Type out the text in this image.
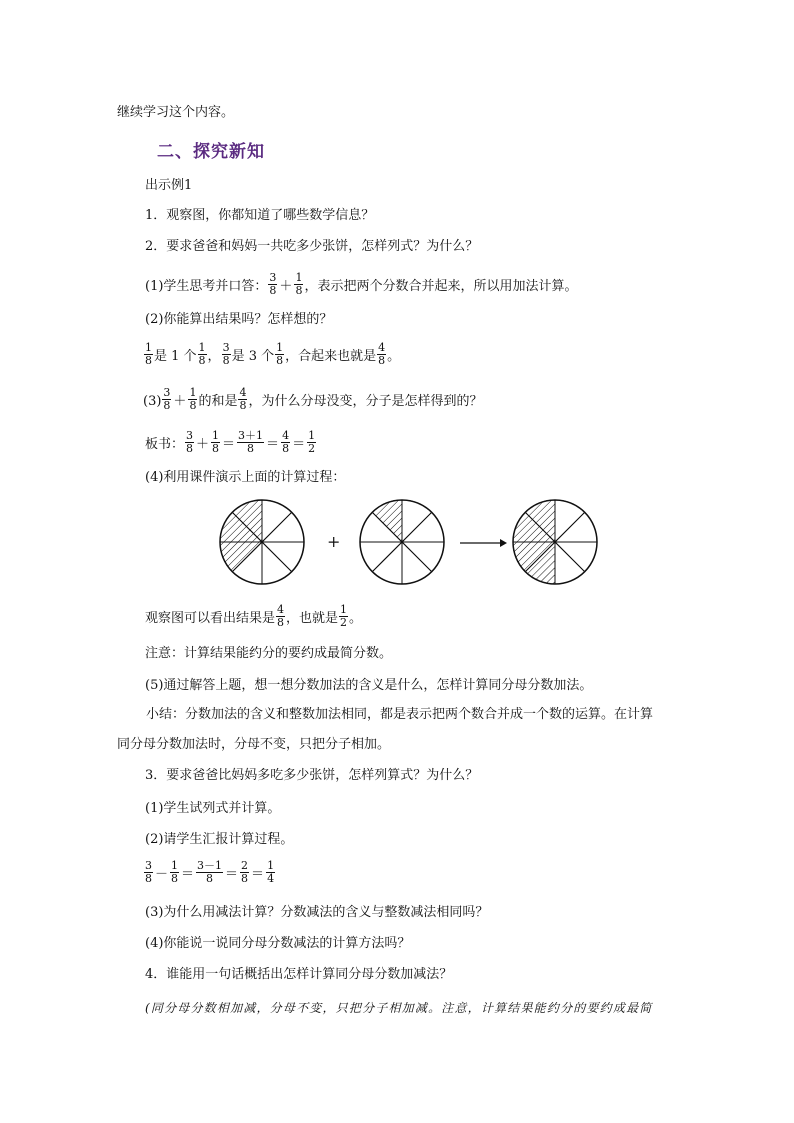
继续学习这个内容。
二、探究新知
出示例1
1．观察图，你都知道了哪些数学信息？
2．要求爸爸和妈妈一共吃多少张饼，怎样列式？为什么？
(1)学生思考并口答： $\frac{3}{8} + \frac{1}{8}$ ，表示把两个分数合并起来，所以用加法计算。
(2)你能算出结果吗？怎样想的？
$\frac{1}{8}$ 是 1 个 $\frac{1}{8}$ ， $\frac{3}{8}$ 是 3 个 $\frac{1}{8}$ ，合起来也就是 $\frac{4}{8}$ 。
$(3) \frac{3}{8} + \frac{1}{8}$ 的和是 $\frac{4}{8}$ ，为什么分母没变，分子是怎样得到的？
板书： $\frac{3}{8} + \frac{1}{8} = \frac{3+1}{8} = \frac{4}{8} = \frac{1}{2}$
(4)利用课件演示上面的计算过程：
+
观察图可以看出结果是 $\frac{4}{8}$ ，也就是 $\frac{1}{2}$ 。
注意：计算结果能约分的要约成最简分数。
(5)通过解答上题，想一想分数加法的含义是什么，怎样计算同分母分数加法。
小结：分数加法的含义和整数加法相同，都是表示把两个数合并成一个数的运算。在计算同分母分数加法时，分母不变，只把分子相加。
3．要求爸爸比妈妈多吃多少张饼，怎样列算式？为什么？
(1)学生试列式并计算。
(2)请学生汇报计算过程。
$\frac{3}{8} - \frac{1}{8} = \frac{3-1}{8} = \frac{2}{8} = \frac{1}{4}$
(3)为什么用减法计算？分数减法的含义与整数减法相同吗？
(4)你能说一说同分母分数减法的计算方法吗？
4．谁能用一句话概括出怎样计算同分母分数加减法？
(同分母分数相加减，分母不变，只把分子相加减。注意，计算结果能约分的要约成最简
